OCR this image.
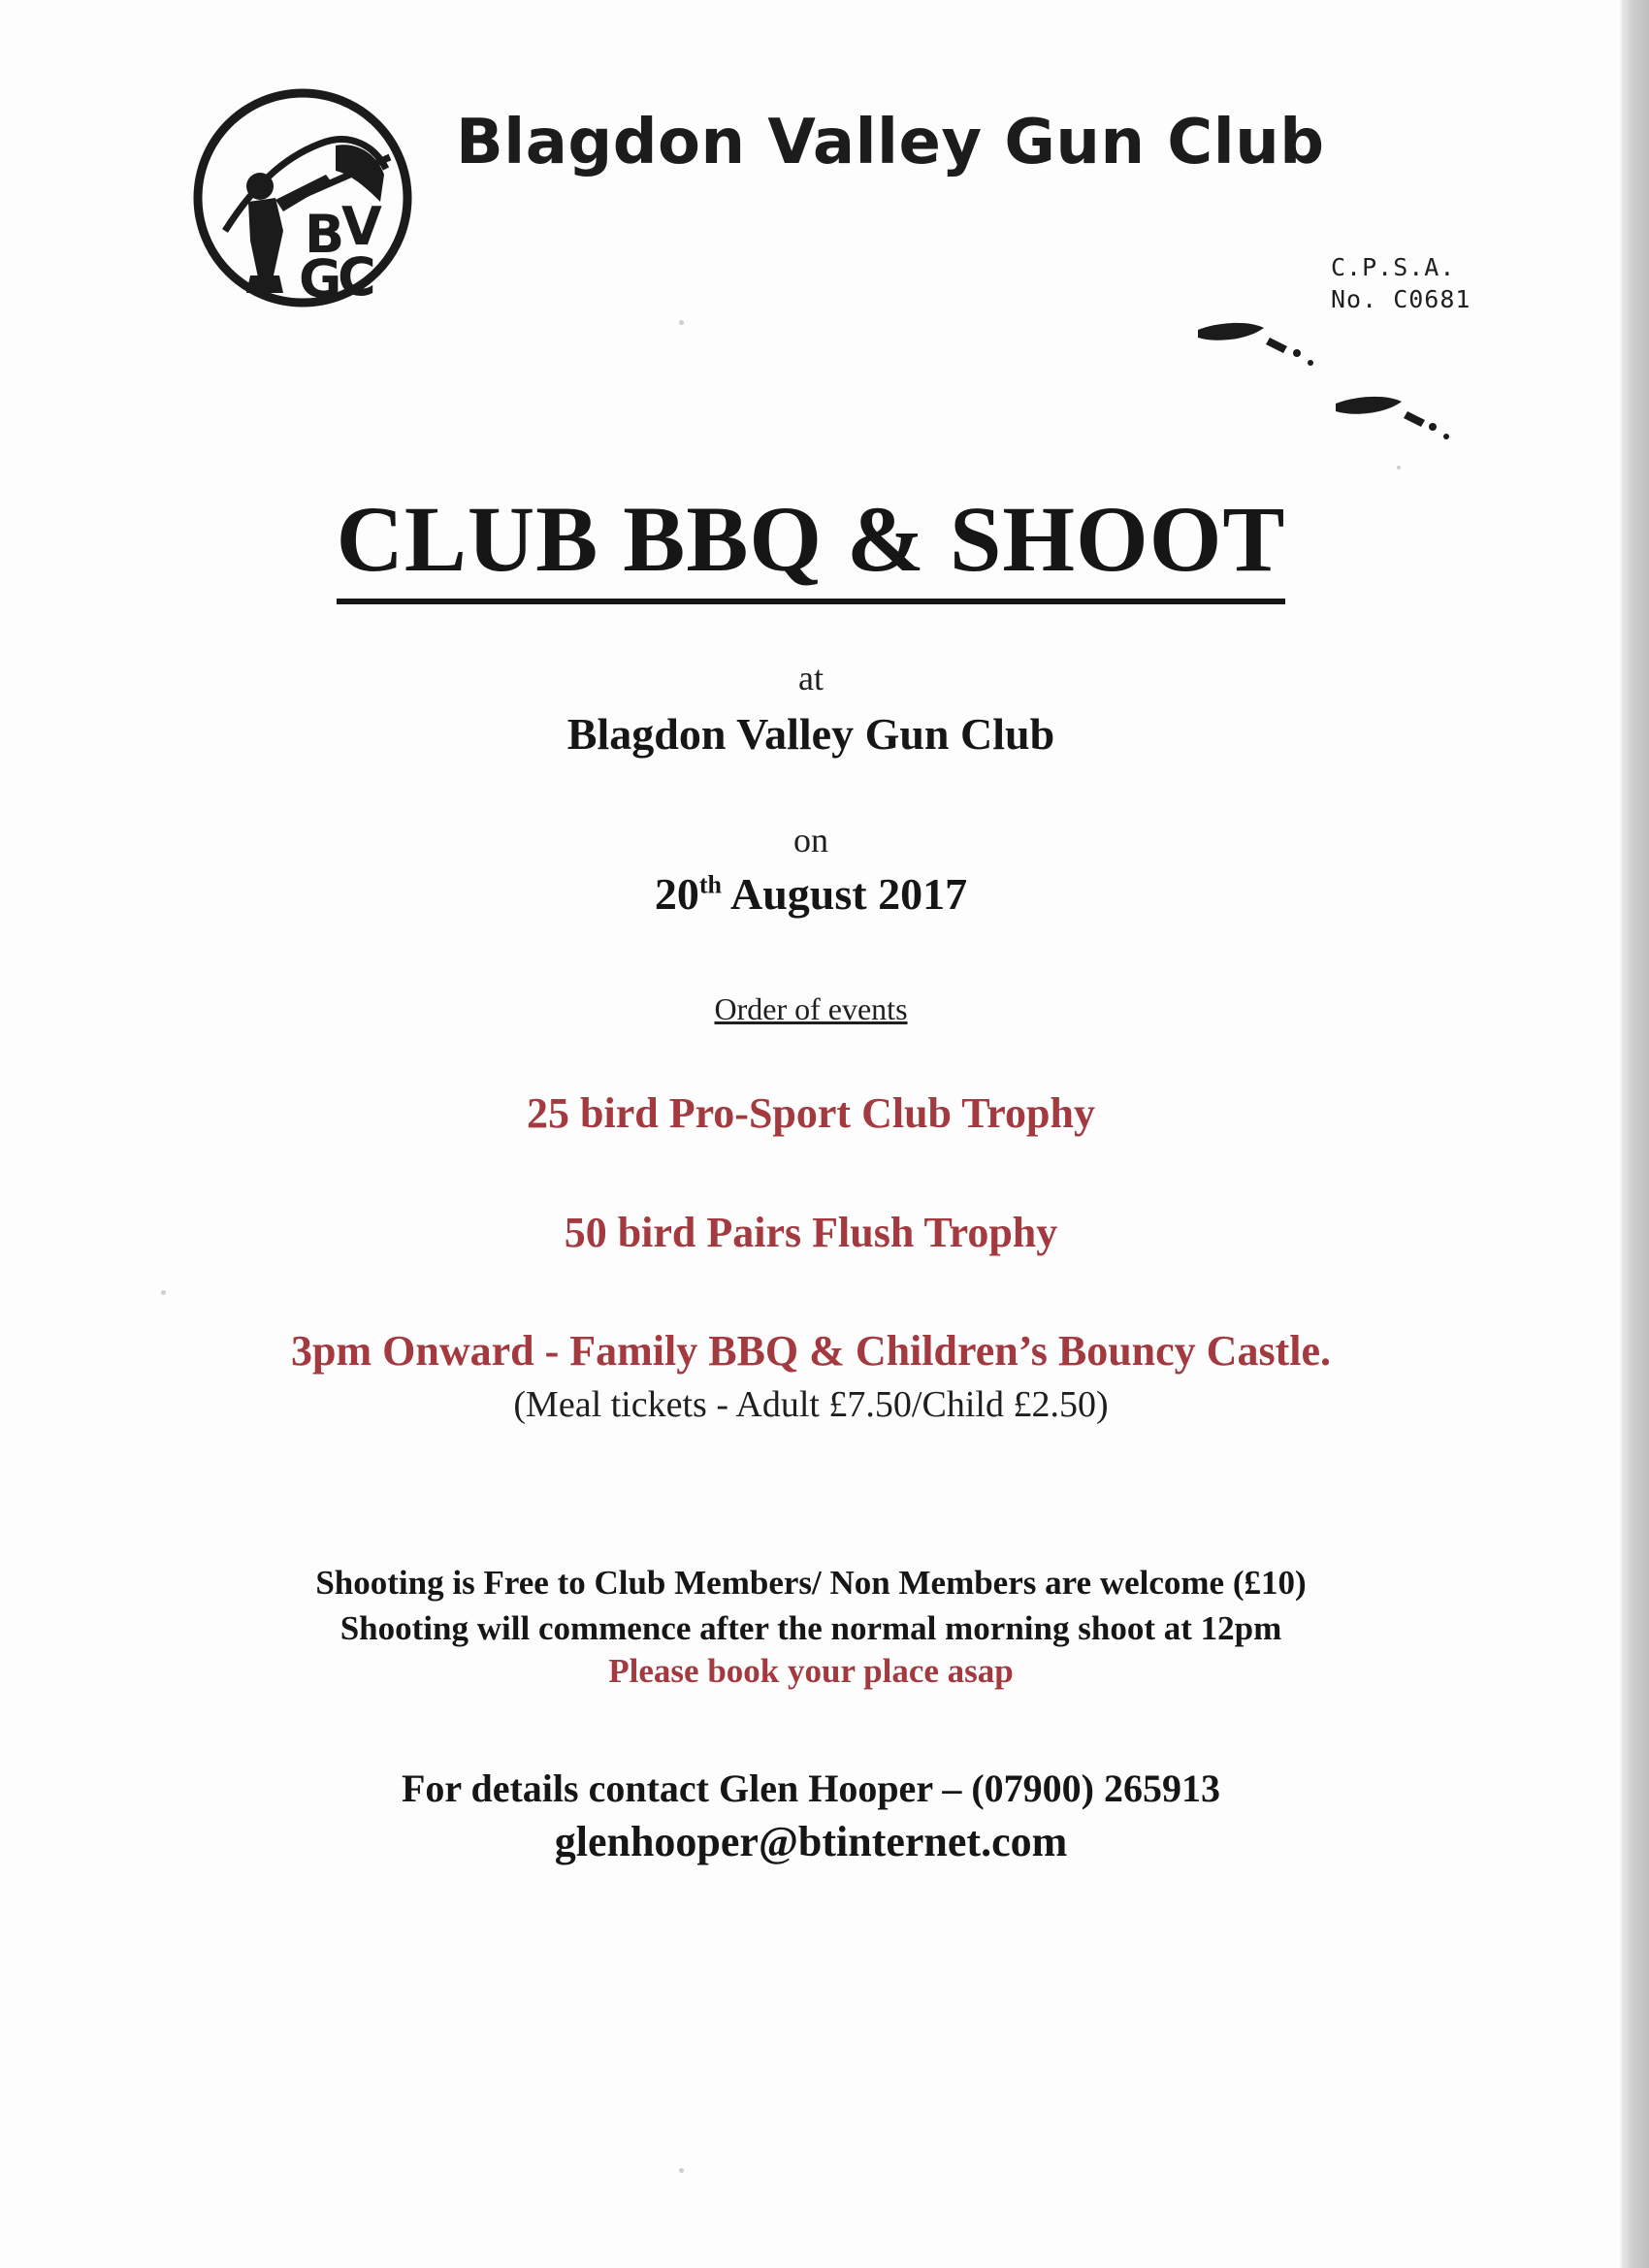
B
V
G
C
Blagdon Valley Gun Club
C.P.S.A.
No. C0681
CLUB BBQ & SHOOT
at
Blagdon Valley Gun Club
on
20th August 2017
Order of events
25 bird Pro-Sport Club Trophy
50 bird Pairs Flush Trophy
3pm Onward - Family BBQ & Children’s Bouncy Castle.
(Meal tickets - Adult £7.50/Child £2.50)
Shooting is Free to Club Members/ Non Members are welcome (£10)
Shooting will commence after the normal morning shoot at 12pm
Please book your place asap
For details contact Glen Hooper – (07900) 265913
glenhooper@btinternet.com
